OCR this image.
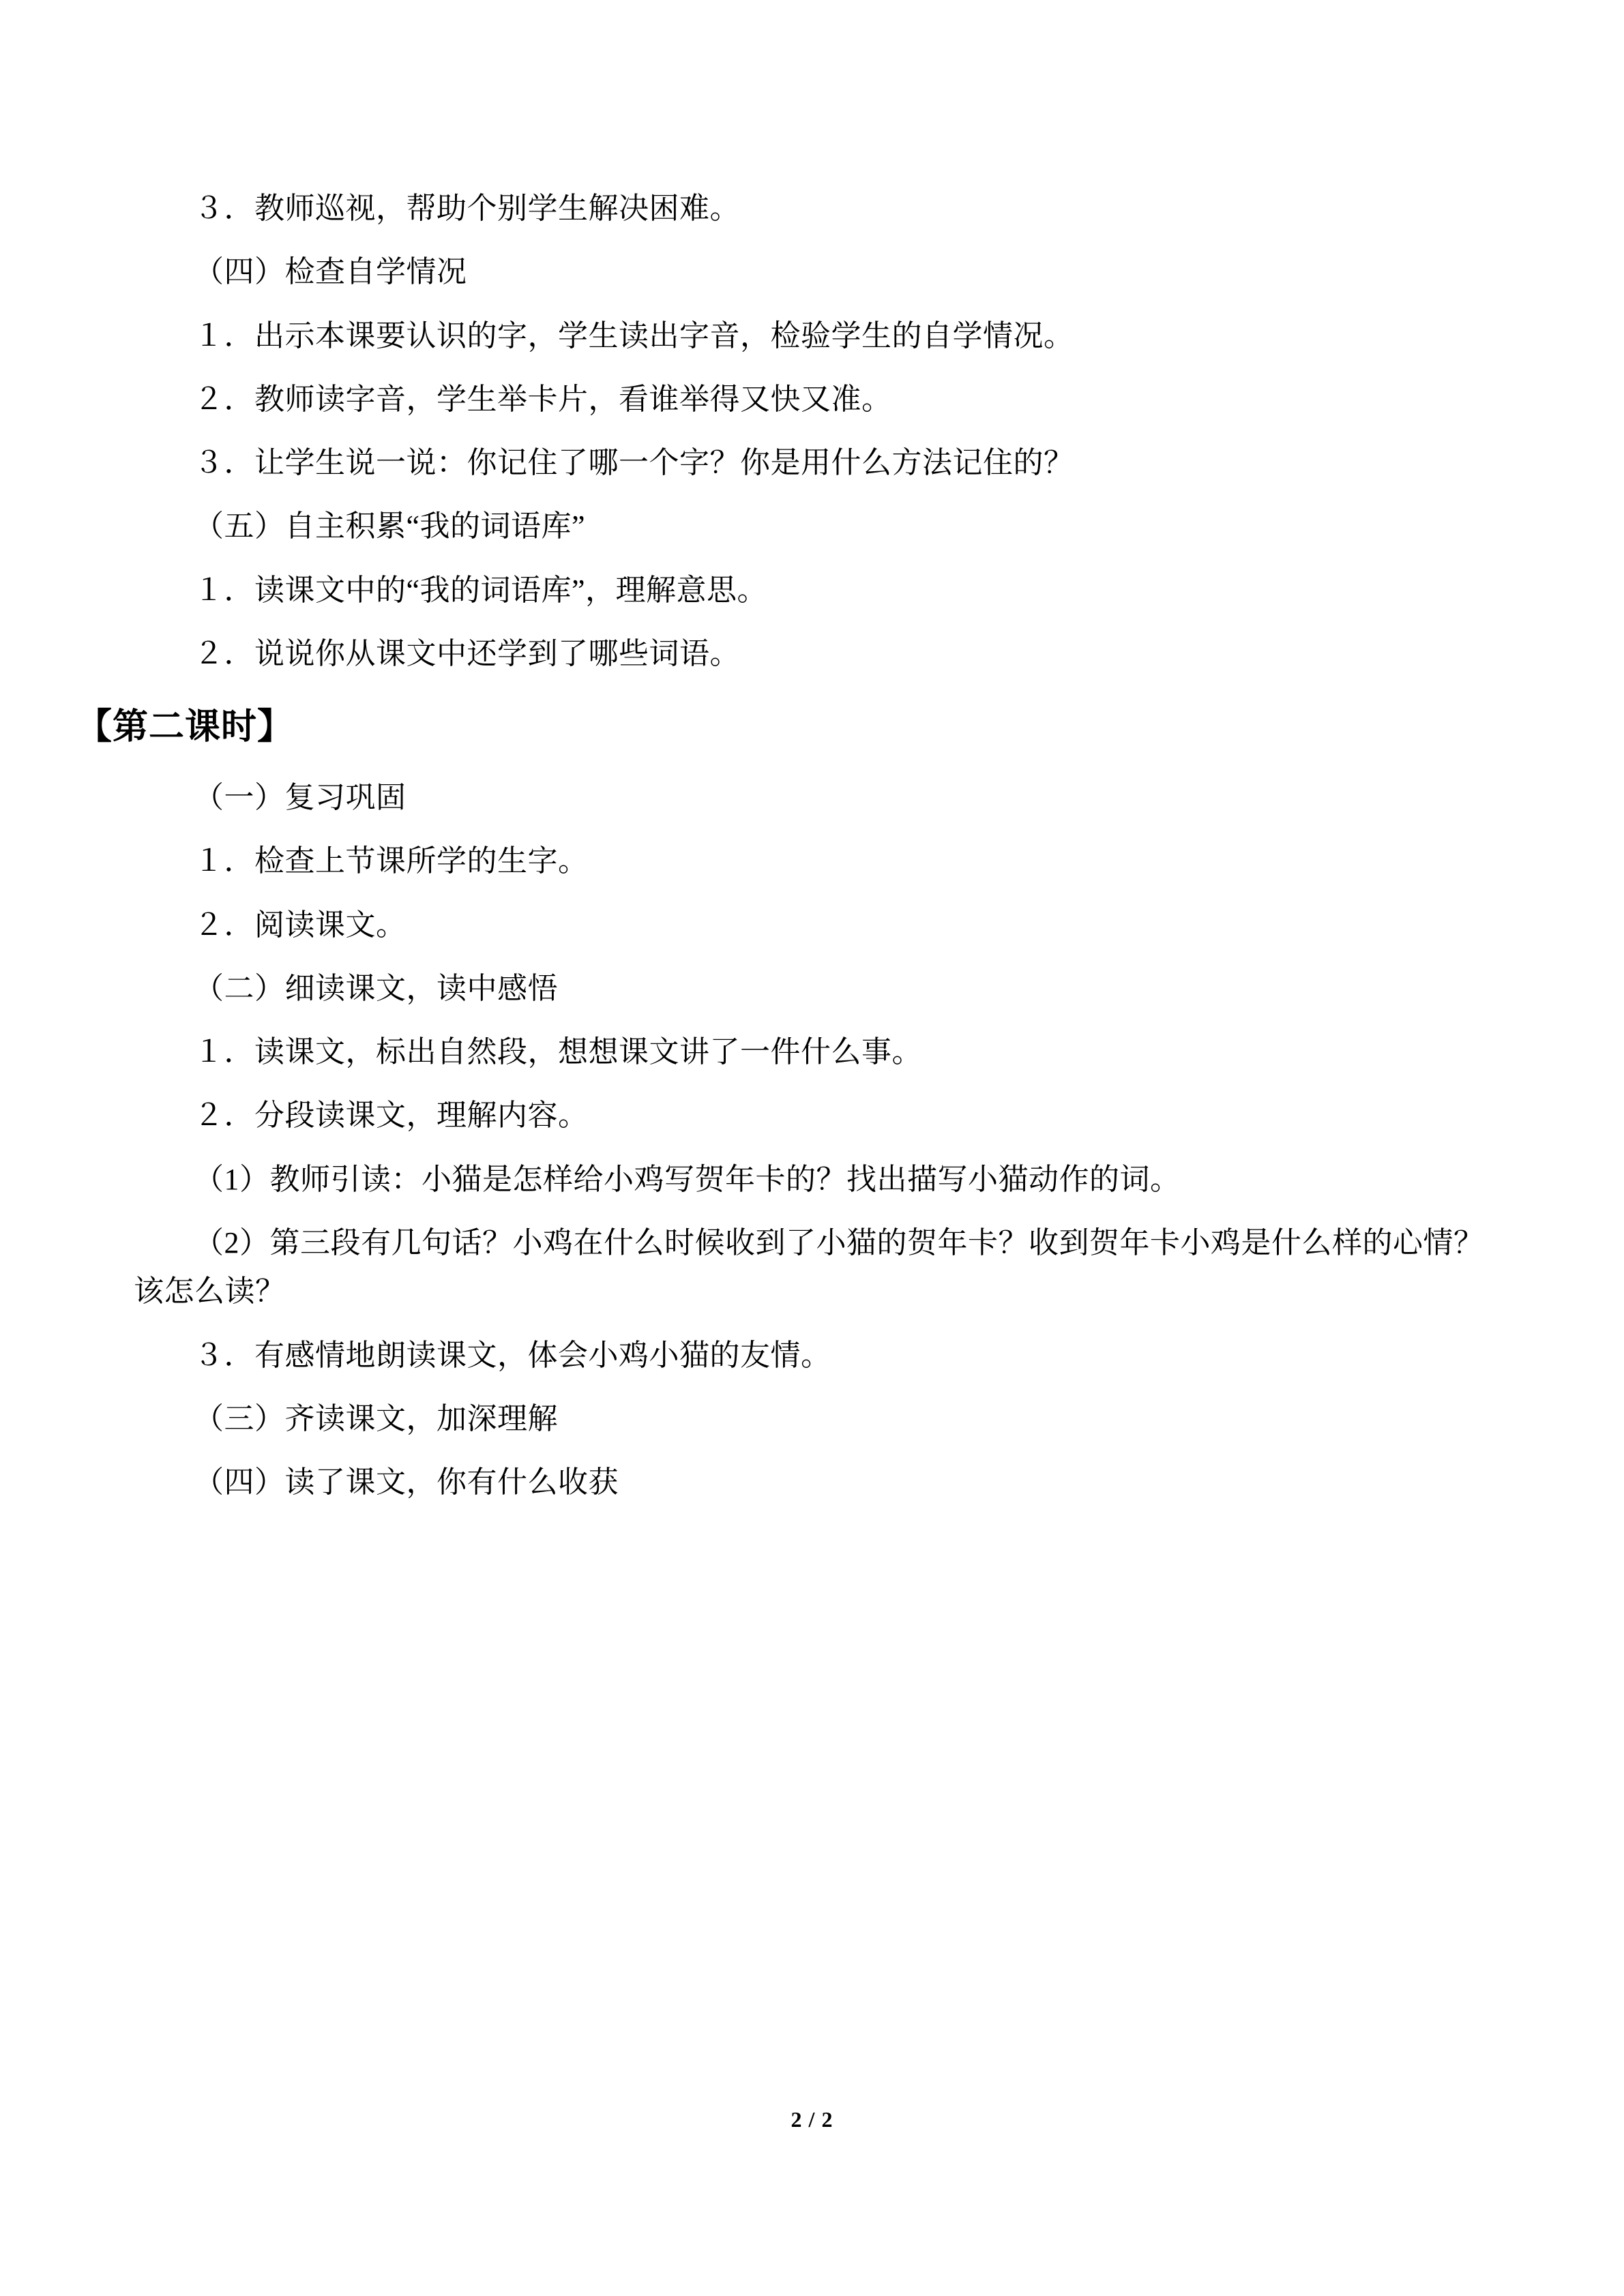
３．教师巡视，帮助个别学生解决困难。

（四）检查自学情况

１．出示本课要认识的字，学生读出字音，检验学生的自学情况。

２．教师读字音，学生举卡片，看谁举得又快又准。

３．让学生说一说：你记住了哪一个字？你是用什么方法记住的？

（五）自主积累“我的词语库”

１．读课文中的“我的词语库”，理解意思。

２．说说你从课文中还学到了哪些词语。

【第二课时】

（一）复习巩固

１．检查上节课所学的生字。

２．阅读课文。

（二）细读课文，读中感悟

１．读课文，标出自然段，想想课文讲了一件什么事。

２．分段读课文，理解内容。

（1）教师引读：小猫是怎样给小鸡写贺年卡的？找出描写小猫动作的词。

（2）第三段有几句话？小鸡在什么时候收到了小猫的贺年卡？收到贺年卡小鸡是什么样的心情？该怎么读？

３．有感情地朗读课文，体会小鸡小猫的友情。

（三）齐读课文，加深理解

（四）读了课文，你有什么收获

2 / 2
